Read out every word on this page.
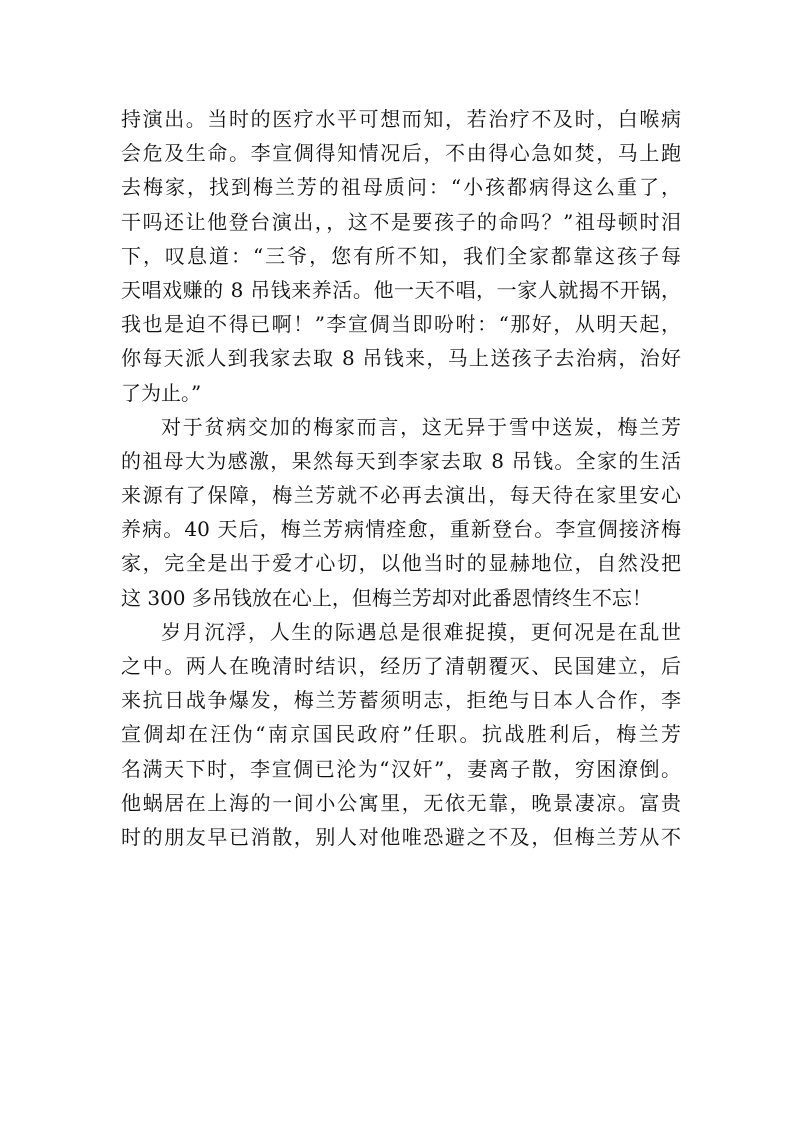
持演出。当时的医疗水平可想而知，若治疗不及时，白喉病
会危及生命。李宣倜得知情况后，不由得心急如焚，马上跑
去梅家，找到梅兰芳的祖母质问：“小孩都病得这么重了，
干吗还让他登台演出，，这不是要孩子的命吗？”祖母顿时泪
下，叹息道：“三爷，您有所不知，我们全家都靠这孩子每
天唱戏赚的 8 吊钱来养活。他一天不唱，一家人就揭不开锅，
我也是迫不得已啊！”李宣倜当即吩咐：“那好，从明天起，
你每天派人到我家去取 8 吊钱来，马上送孩子去治病，治好
了为止。”
对于贫病交加的梅家而言，这无异于雪中送炭，梅兰芳
的祖母大为感激，果然每天到李家去取 8 吊钱。全家的生活
来源有了保障，梅兰芳就不必再去演出，每天待在家里安心
养病。40 天后，梅兰芳病情痊愈，重新登台。李宣倜接济梅
家，完全是出于爱才心切，以他当时的显赫地位，自然没把
这 300 多吊钱放在心上，但梅兰芳却对此番恩情终生不忘！
岁月沉浮，人生的际遇总是很难捉摸，更何况是在乱世
之中。两人在晚清时结识，经历了清朝覆灭、民国建立，后
来抗日战争爆发，梅兰芳蓄须明志，拒绝与日本人合作，李
宣倜却在汪伪“南京国民政府”任职。抗战胜利后，梅兰芳
名满天下时，李宣倜已沦为“汉奸”，妻离子散，穷困潦倒。
他蜗居在上海的一间小公寓里，无依无靠，晚景凄凉。富贵
时的朋友早已消散，别人对他唯恐避之不及，但梅兰芳从不
